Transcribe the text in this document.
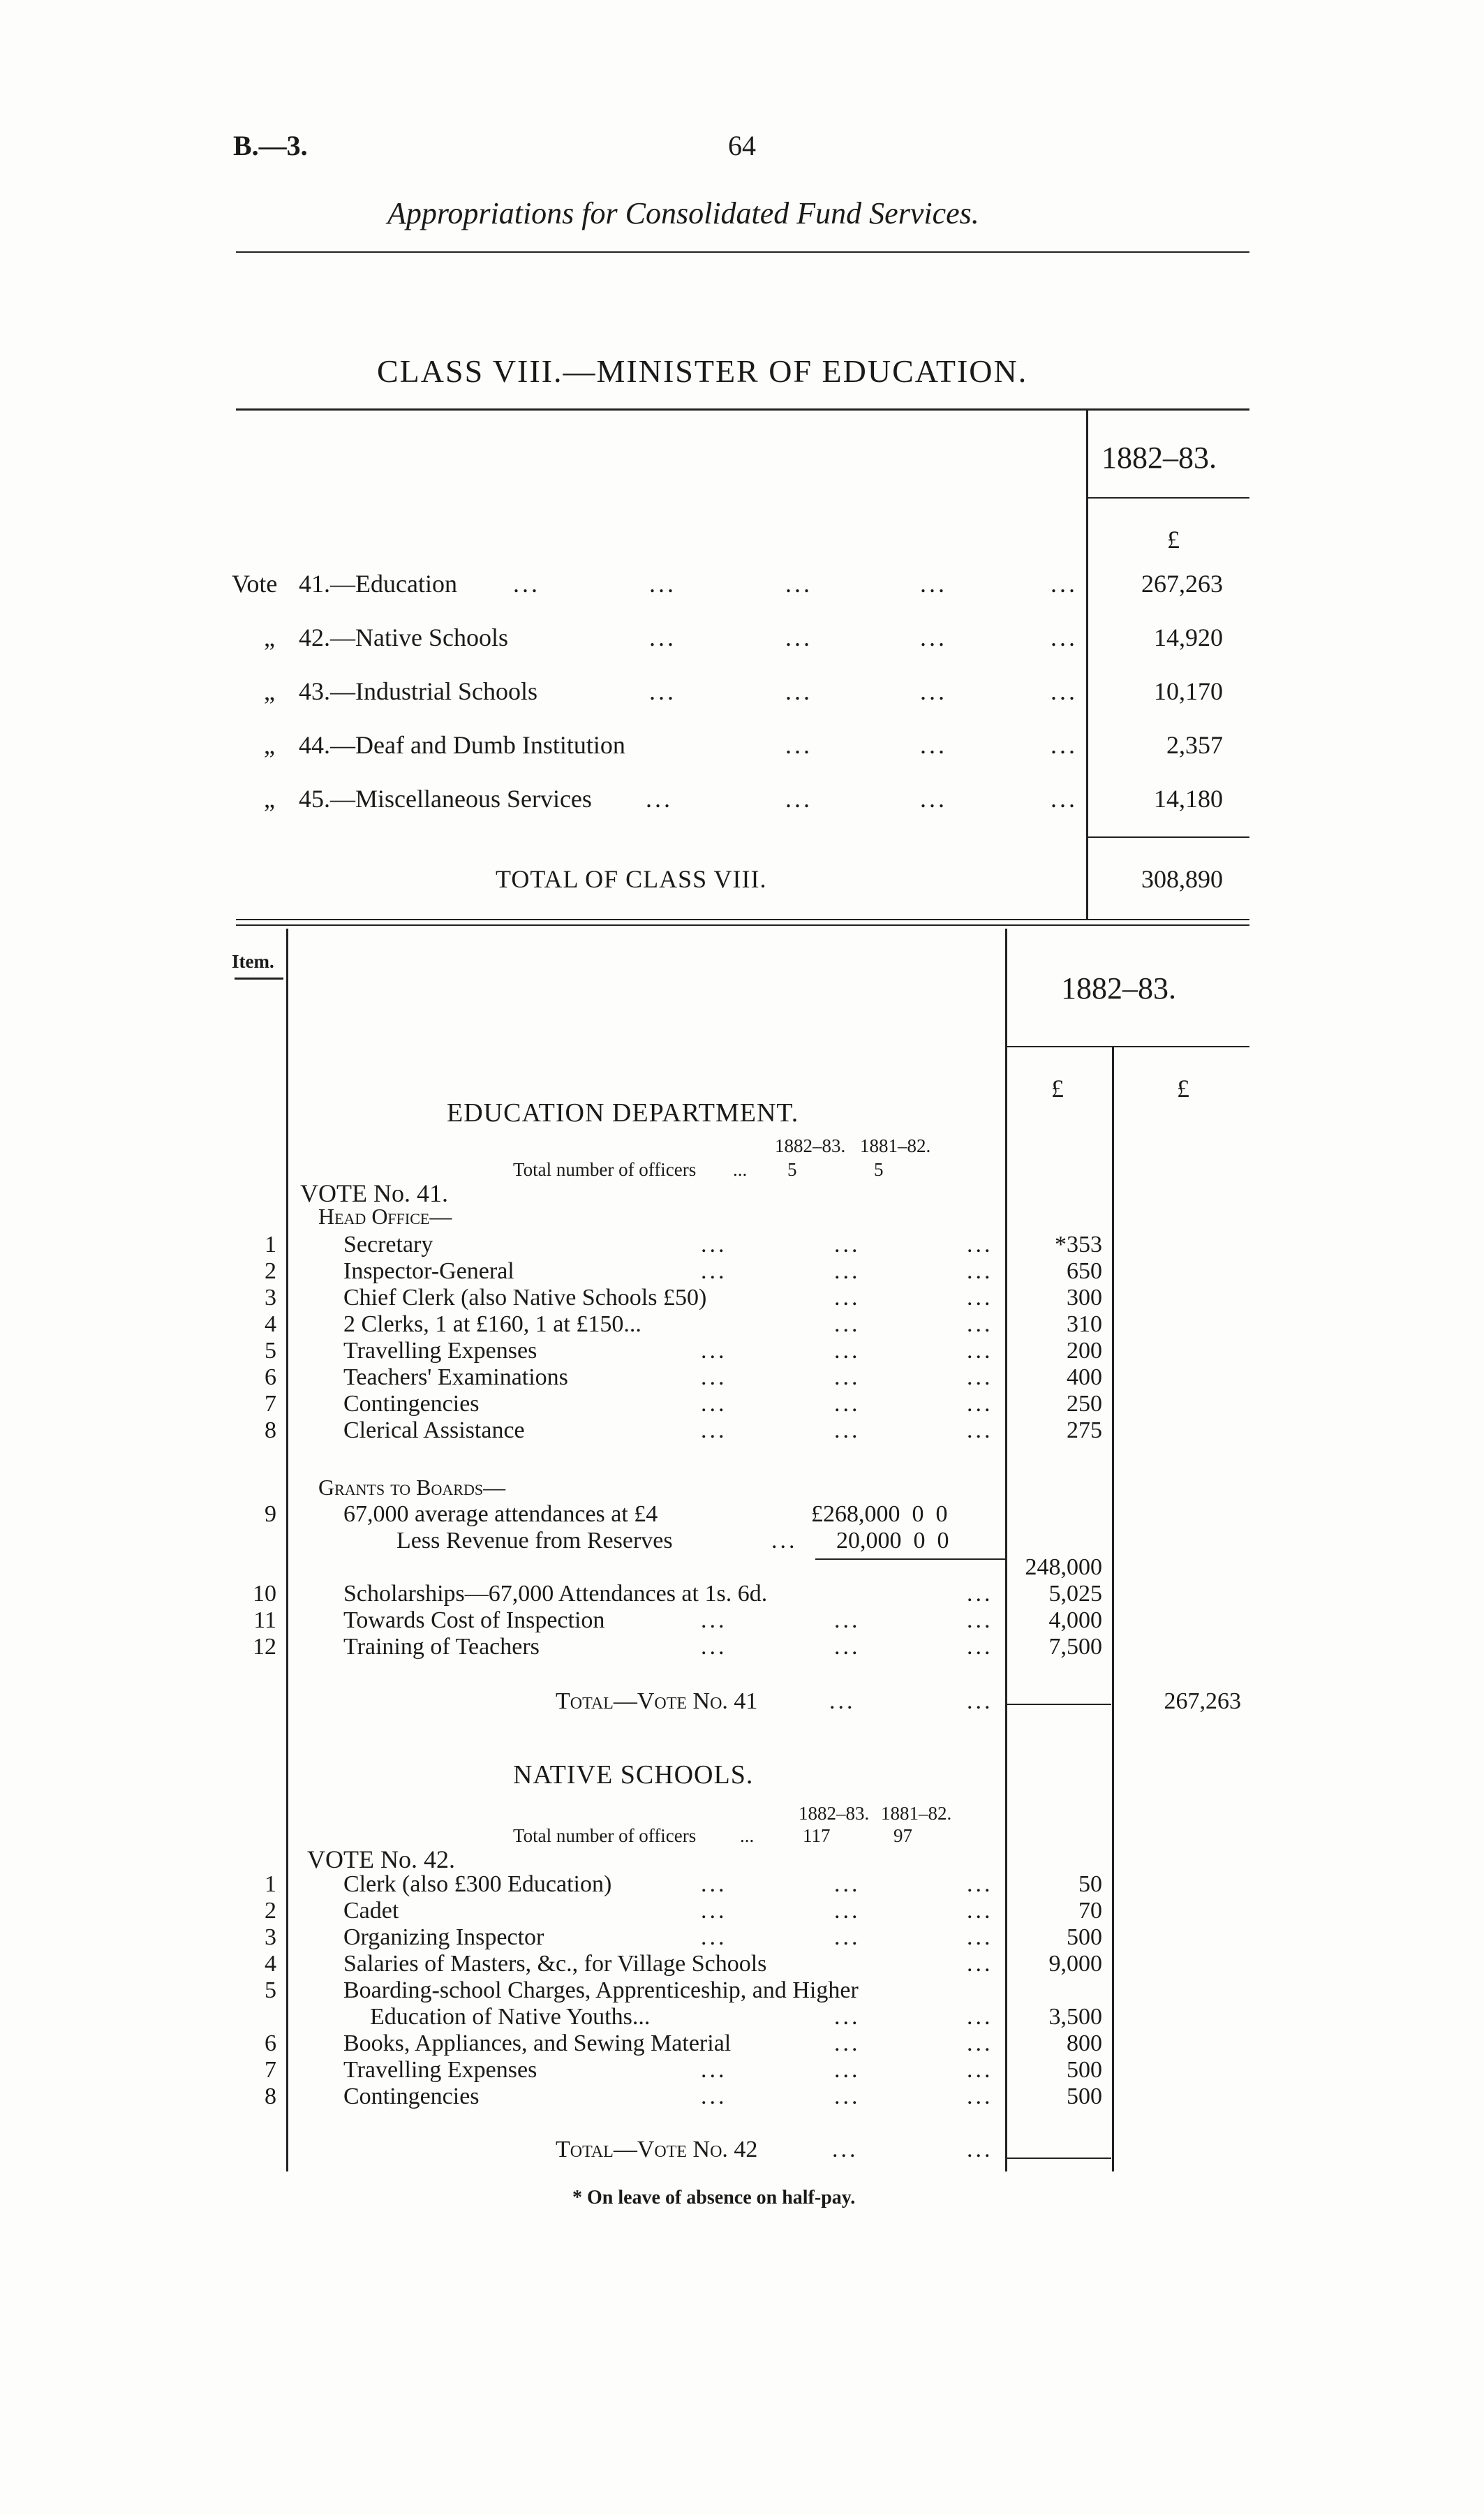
B.—3.	64
Appropriations for Consolidated Fund Services.
CLASS VIII.—MINISTER OF EDUCATION.
1882–83.
£
Vote 41.—Education ...	...	...	...	...	267,263
„ 42.—Native Schools	...	...	...	...	14,920
„ 43.—Industrial Schools	...	...	...	...	10,170
„ 44.—Deaf and Dumb Institution	...	...	...	2,357
„ 45.—Miscellaneous Services ...	...	...	...	14,180
TOTAL OF CLASS VIII.	308,890
Item.
1882–83.
£	£
EDUCATION DEPARTMENT.
1882–83. 1881–82.
Total number of officers ... 5	5
VOTE No. 41.
Head Office—
1	Secretary	...	...	...	*353
2	Inspector-General	...	...	...	650
3	Chief Clerk (also Native Schools £50)	...	...	300
4	2 Clerks, 1 at £160, 1 at £150...	...	...	310
5	Travelling Expenses	...	...	...	200
6	Teachers' Examinations	...	...	...	400
7	Contingencies	...	...	...	250
8	Clerical Assistance	...	...	...	275
Grants to Boards—
9	67,000 average attendances at £4	£268,000  0  0
Less Revenue from Reserves	... 20,000  0  0
248,000
10	Scholarships—67,000 Attendances at 1s. 6d.	...	5,025
11	Towards Cost of Inspection	...	...	...	4,000
12	Training of Teachers	...	...	...	7,500
Total—Vote No. 41	...	...	267,263
NATIVE SCHOOLS.
1882–83. 1881–82.
Total number of officers ...	117	97
VOTE No. 42.
1	Clerk (also £300 Education)	...	...	...	50
2	Cadet	...	...	...	70
3	Organizing Inspector	...	...	...	500
4	Salaries of Masters, &c., for Village Schools	...	9,000
5	Boarding-school Charges, Apprenticeship, and Higher
Education of Native Youths...	...	...	3,500
6	Books, Appliances, and Sewing Material	...	...	800
7	Travelling Expenses	...	...	...	500
8	Contingencies	...	...	...	500
Total—Vote No. 42	...	...
* On leave of absence on half-pay.
